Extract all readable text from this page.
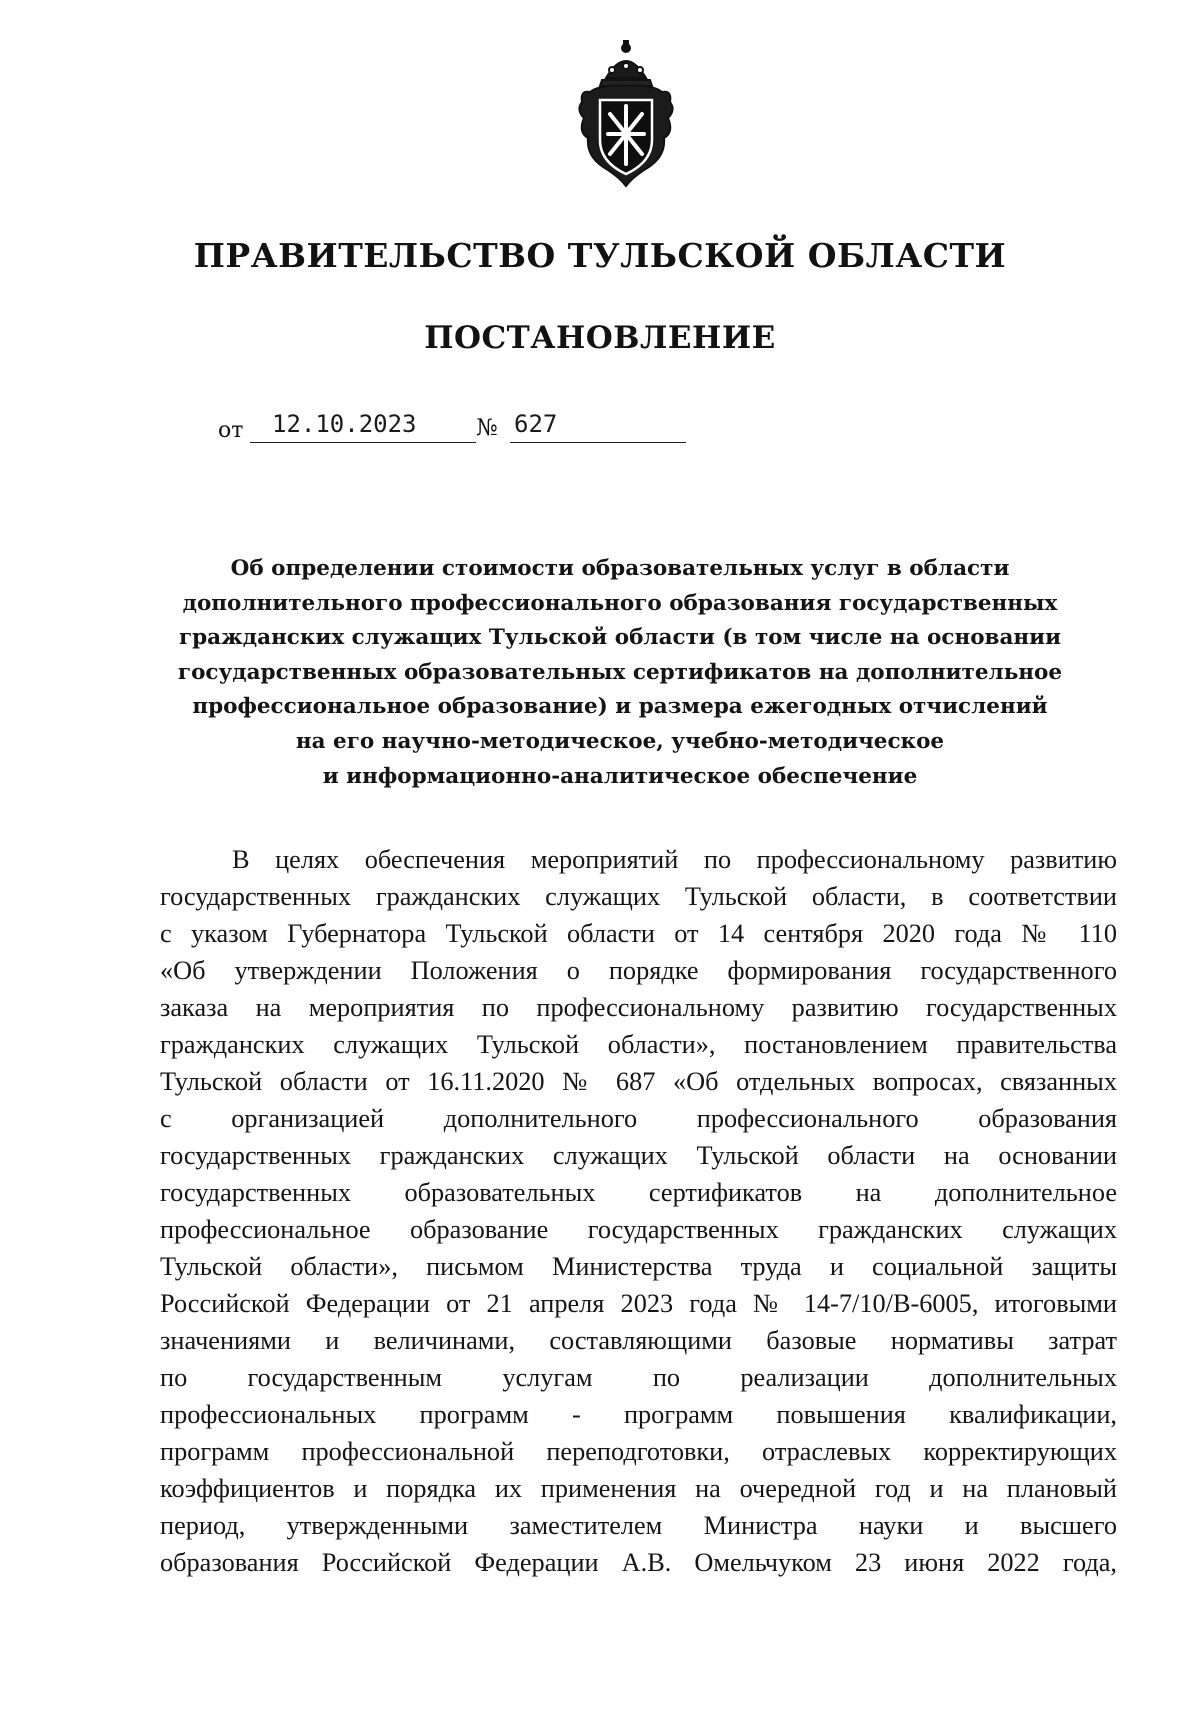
ПРАВИТЕЛЬСТВО ТУЛЬСКОЙ ОБЛАСТИ
ПОСТАНОВЛЕНИЕ
от 12.10.2023	№ 627
Об определении стоимости образовательных услуг в области
дополнительного профессионального образования государственных
гражданских служащих Тульской области (в том числе на основании
государственных образовательных сертификатов на дополнительное
профессиональное образование) и размера ежегодных отчислений
на его научно-методическое, учебно-методическое
и информационно-аналитическое обеспечение
В целях обеспечения мероприятий по профессиональному развитию
государственных гражданских служащих Тульской области, в соответствии
с указом Губернатора Тульской области от 14 сентября 2020 года № 110
«Об утверждении Положения о порядке формирования государственного
заказа на мероприятия по профессиональному развитию государственных
гражданских служащих Тульской области», постановлением правительства
Тульской области от 16.11.2020 № 687 «Об отдельных вопросах, связанных
с организацией дополнительного профессионального образования
государственных гражданских служащих Тульской области на основании
государственных образовательных сертификатов на дополнительное
профессиональное образование государственных гражданских служащих
Тульской области», письмом Министерства труда и социальной защиты
Российской Федерации от 21 апреля 2023 года № 14-7/10/В-6005, итоговыми
значениями и величинами, составляющими базовые нормативы затрат
по государственным услугам по реализации дополнительных
профессиональных программ - программ повышения квалификации,
программ профессиональной переподготовки, отраслевых корректирующих
коэффициентов и порядка их применения на очередной год и на плановый
период, утвержденными заместителем Министра науки и высшего
образования Российской Федерации А.В. Омельчуком 23 июня 2022 года,
